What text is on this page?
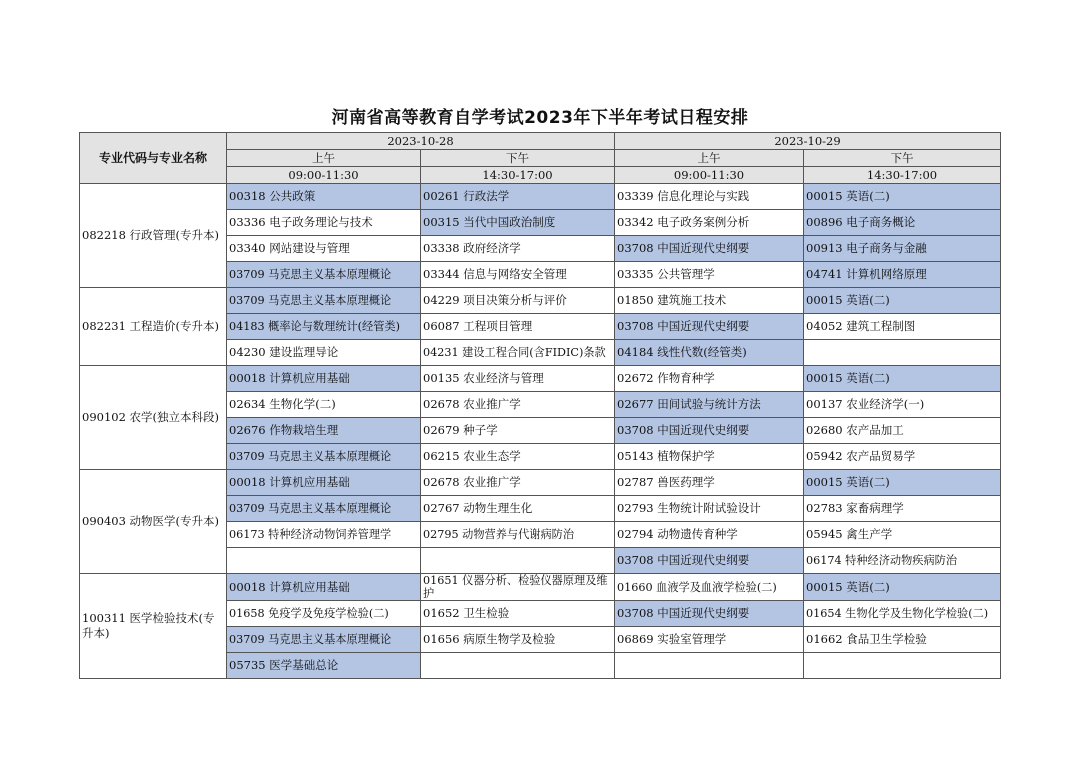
河南省高等教育自学考试2023年下半年考试日程安排
专业代码与专业名称	2023-10-28		2023-10-29	
	上午	下午	上午	下午
	09:00-11:30	14:30-17:00	09:00-11:30	14:30-17:00
082218 行政管理(专升本)	00318 公共政策	00261 行政法学	03339 信息化理论与实践	00015 英语(二)
	03336 电子政务理论与技术	00315 当代中国政治制度	03342 电子政务案例分析	00896 电子商务概论
	03340 网站建设与管理	03338 政府经济学	03708 中国近现代史纲要	00913 电子商务与金融
	03709 马克思主义基本原理概论	03344 信息与网络安全管理	03335 公共管理学	04741 计算机网络原理
082231 工程造价(专升本)	03709 马克思主义基本原理概论	04229 项目决策分析与评价	01850 建筑施工技术	00015 英语(二)
	04183 概率论与数理统计(经管类)	06087 工程项目管理	03708 中国近现代史纲要	04052 建筑工程制图
	04230 建设监理导论	04231 建设工程合同(含FIDIC)条款	04184 线性代数(经管类)	
090102 农学(独立本科段)	00018 计算机应用基础	00135 农业经济与管理	02672 作物育种学	00015 英语(二)
	02634 生物化学(二)	02678 农业推广学	02677 田间试验与统计方法	00137 农业经济学(一)
	02676 作物栽培生理	02679 种子学	03708 中国近现代史纲要	02680 农产品加工
	03709 马克思主义基本原理概论	06215 农业生态学	05143 植物保护学	05942 农产品贸易学
090403 动物医学(专升本)	00018 计算机应用基础	02678 农业推广学	02787 兽医药理学	00015 英语(二)
	03709 马克思主义基本原理概论	02767 动物生理生化	02793 生物统计附试验设计	02783 家畜病理学
	06173 特种经济动物饲养管理学	02795 动物营养与代谢病防治	02794 动物遗传育种学	05945 禽生产学
			03708 中国近现代史纲要	06174 特种经济动物疾病防治
100311 医学检验技术(专升本)	00018 计算机应用基础	01651 仪器分析、检验仪器原理及维护	01660 血液学及血液学检验(二)	00015 英语(二)
	01658 免疫学及免疫学检验(二)	01652 卫生检验	03708 中国近现代史纲要	01654 生物化学及生物化学检验(二)
	03709 马克思主义基本原理概论	01656 病原生物学及检验	06869 实验室管理学	01662 食品卫生学检验
	05735 医学基础总论			
